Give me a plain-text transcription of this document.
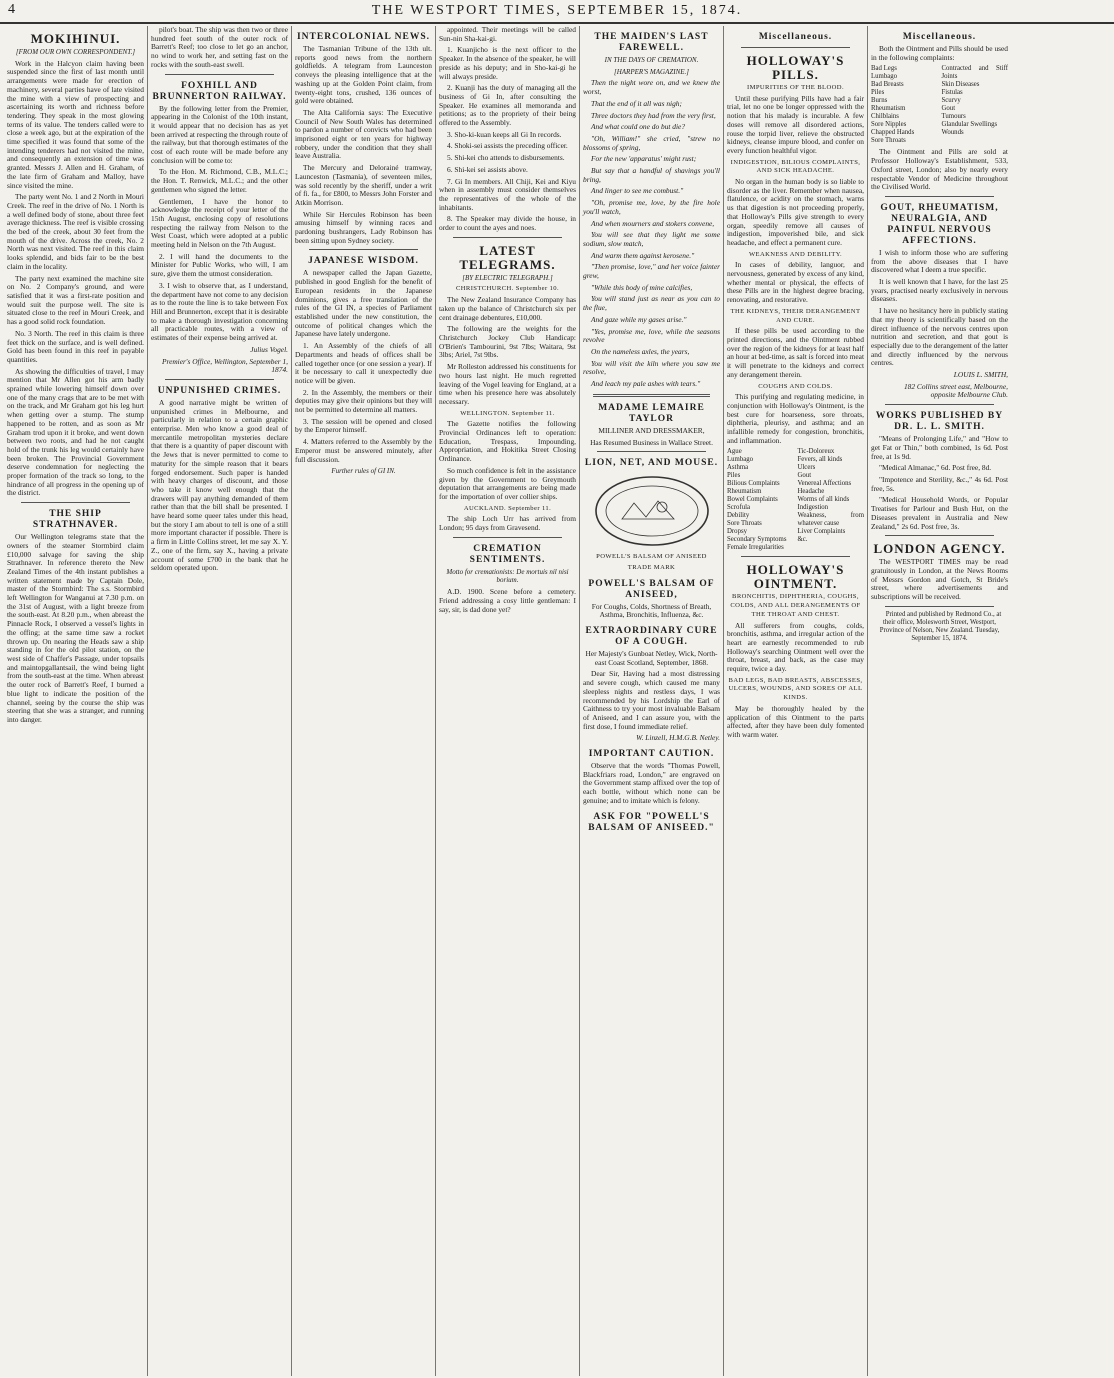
4	THE WESTPORT TIMES, SEPTEMBER 15, 1874.
MOKIHINUI.
[FROM OUR OWN CORRESPONDENT.]

Work in the Halcyon claim having been suspended since the first of last month until arrangements were made for erection of machinery, several parties have of late visited the mine with a view of prospecting and ascertaining its worth and richness before tendering. They speak in the most glowing terms of its value. The tenders called were to close a week ago, but at the expiration of the time specified it was found that some of the intending tenderers had not visited the mine, and consequently an extension of time was granted. Messrs J. Allen and H. Graham, of the late firm of Graham and Malloy, have since visited the mine.

The party went No. 1 and 2 North in Mouri Creek. The reef in the drive of No. 1 North is a well defined body of stone, about three feet average thickness. The reef is visible crossing the bed of the creek, about 30 feet from the mouth of the drive. Across the creek, No. 2 North was next visited. The reef in this claim looks splendid, and bids fair to be the best claim in the locality.

The party next examined the machine site on No. 2 Company's ground, and were satisfied that it was a first-rate position and would suit the purpose well. The site is situated close to the reef in Mouri Creek, and has a good solid rock foundation.

No. 3 North. The reef in this claim is three feet thick on the surface, and is well defined. Gold has been found in this reef in payable quantities.

As showing the difficulties of travel, I may mention that Mr Allen got his arm badly sprained while lowering himself down over one of the many crags that are to be met with on the track, and Mr Graham got his leg hurt when getting over a stump. The stump happened to be rotten, and as soon as Mr Graham trod upon it it broke, and went down between two roots, and had he not caught hold of the trunk his leg would certainly have been broken. The Provincial Government deserve condemnation for neglecting the proper formation of the track so long, to the hindrance of all progress in the opening up of the district.

THE SHIP STRATHNAVER.

Our Wellington telegrams state that the owners of the steamer Stormbird claim £10,000 salvage for saving the ship Strathnaver. In reference thereto the New Zealand Times of the 4th instant publishes a written statement made by Captain Dole, master of the Stormbird: The s.s. Stormbird left Wellington for Wanganui at 7.30 p.m. on the 31st of August, with a light breeze from the south-east. At 8.20 p.m., when abreast the Pinnacle Rock, I observed a vessel's lights in the offing; at the same time saw a rocket thrown up. On nearing the Heads saw a ship standing in for the old pilot station, on the west side of Chaffer's Passage, under topsails and maintopgallantsail, the wind being light from the south-east at the time. When abreast the outer rock of Barrett's Reef, I burned a blue light to indicate the position of the channel, seeing by the course the ship was steering that she was a stranger, and running into danger.

pilot's boat. The ship was then two or three hundred feet south of the outer rock of Barrett's Reef; too close to let go an anchor, no wind to work her, and setting fast on the rocks with the south-east swell.

FOXHILL AND BRUNNERTON RAILWAY.

By the following letter from the Premier, appearing in the Colonist of the 10th instant, it would appear that no decision has as yet been arrived at respecting the through route of the railway, but that thorough estimates of the cost of each route will be made before any conclusion will be come to:

To the Hon. M. Richmond, C.B., M.L.C.; the Hon. T. Renwick, M.L.C.; and the other gentlemen who signed the letter.

Gentlemen, I have the honor to acknowledge the receipt of your letter of the 15th August, enclosing copy of resolutions respecting the railway from Nelson to the West Coast, which were adopted at a public meeting held in Nelson on the 7th August.

2. I will hand the documents to the Minister for Public Works, who will, I am sure, give them the utmost consideration.

3. I wish to observe that, as I understand, the department have not come to any decision as to the route the line is to take between Fox Hill and Brunnerton, except that it is desirable to make a thorough investigation concerning all practicable routes, with a view of estimates of their expense being arrived at.

Julius Vogel.

Premier's Office, Wellington, September 1, 1874.

UNPUNISHED CRIMES.

A good narrative might be written of unpunished crimes in Melbourne, and particularly in relation to a certain graphic enterprise. Men who know a good deal of mercantile metropolitan mysteries declare that there is a quantity of paper discount with the Jews that is never permitted to come to maturity for the simple reason that it bears forged endorsement. Such paper is handed with heavy charges of discount, and those who take it know well enough that the drawers will pay anything demanded of them rather than that the bill shall be presented. I have heard some queer tales under this head, but the story I am about to tell is one of a still more important character if possible. There is a firm in Little Collins street, let me say X. Y. Z., one of the firm, say X., having a private account of some £700 in the bank that he seldom operated upon.

INTERCOLONIAL NEWS.

The Tasmanian Tribune of the 13th ult. reports good news from the northern goldfields. A telegram from Launceston conveys the pleasing intelligence that at the washing up at the Golden Point claim, from twenty-eight tons, crushed, 136 ounces of gold were obtained.

The Alta California says: The Executive Council of New South Wales has determined to pardon a number of convicts who had been imprisoned eight or ten years for highway robbery, under the condition that they shall leave Australia.

The Mercury and Delorainé tramway, Launceston (Tasmania), of seventeen miles, was sold recently by the sheriff, under a writ of fi. fa., for £800, to Messrs John Forster and Atkin Morrison.

While Sir Hercules Robinson has been amusing himself by winning races and pardoning bushrangers, Lady Robinson has been sitting upon Sydney society.

JAPANESE WISDOM.

A newspaper called the Japan Gazette, published in good English for the benefit of European residents in the Japanese dominions, gives a free translation of the rules of the GI IN, a species of Parliament established under the new constitution, the outcome of political changes which the Japanese have lately undergone.

1. An Assembly of the chiefs of all Departments and heads of offices shall be called together once (or one session a year). If it be necessary to call it unexpectedly due notice will be given.

2. In the Assembly, the members or their deputies may give their opinions but they will not be permitted to determine all matters.

3. The session will be opened and closed by the Emperor himself.

4. Matters referred to the Assembly by the Emperor must be answered minutely, after full discussion.

Further rules of GI IN.

appointed. Their meetings will be called Sun-nin Sha-kai-gi.

1. Kuanjicho is the next officer to the Speaker. In the absence of the speaker, he will preside as his deputy; and in Sho-kai-gi he will always preside.

2. Kuanji has the duty of managing all the business of Gi In, after consulting the Speaker. He examines all memoranda and petitions; as to the propriety of their being offered to the Assembly.

3. Sho-ki-kuan keeps all Gi In records.

4. Shoki-sei assists the preceding officer.

5. Shi-kei cho attends to disbursements.

6. Shi-kei sei assists above.

7. Gi In members. All Chiji, Kei and Kiyu when in assembly must consider themselves the representatives of the whole of the inhabitants.

8. The Speaker may divide the house, in order to count the ayes and noes.

LATEST TELEGRAMS.
[BY ELECTRIC TELEGRAPH.]
CHRISTCHURCH. September 10.

The New Zealand Insurance Company has taken up the balance of Christchurch six per cent drainage debentures, £10,000.

The following are the weights for the Christchurch Jockey Club Handicap: O'Brien's Tambourini, 9st 7lbs; Waitara, 9st 3lbs; Ariel, 7st 9lbs.

Mr Rolleston addressed his constituents for two hours last night. He much regretted leaving of the Vogel leaving for England, at a time when his presence here was absolutely necessary.

WELLINGTON. September 11.

The Gazette notifies the following Provincial Ordinances left to operation: Education, Trespass, Impounding, Appropriation, and Hokitika Street Closing Ordinance.

So much confidence is felt in the assistance given by the Government to Greymouth deputation that arrangements are being made for the importation of over collier ships.

AUCKLAND. September 11.

The ship Loch Urr has arrived from London; 95 days from Gravesend.

CREMATION SENTIMENTS.
Motto for cremationists: De mortuis nil nisi borium.

A.D. 1900. Scene before a cemetery. Friend addressing a cosy little gentleman: I say, sir, is dad done yet?

THE MAIDEN'S LAST FAREWELL.
IN THE DAYS OF CREMATION.
[HARPER'S MAGAZINE.]

Then the night wore on, and we knew the worst,

That the end of it all was nigh;

Three doctors they had from the very first,

And what could one do but die?

"Oh, William!" she cried, "strew no blossoms of spring,

For the new 'apparatus' might rust;

But say that a handful of shavings you'll bring,

And linger to see me combust."

"Oh, promise me, love, by the fire hole you'll watch,

And when mourners and stokers convene,

You will see that they light me some sodium, slow match,

And warm them against kerosene."

"Then promise, love," and her voice fainter grew,

"While this body of mine calcifies,

You will stand just as near as you can to the flue,

And gaze while my gases arise."

"Yes, promise me, love, while the seasons revolve

On the nameless axles, the years,

You will visit the kiln where you saw me resolve,

And leach my pale ashes with tears."

MADAME LEMAIRE TAYLOR

MILLINER AND DRESSMAKER,

Has Resumed Business in Wallace Street.

LION, NET, AND MOUSE.
POWELL'S BALSAM OF ANISEED
TRADE MARK
POWELL'S BALSAM OF ANISEED,

For Coughs, Colds, Shortness of Breath, Asthma, Bronchitis, Influenza, &c.

EXTRAORDINARY CURE OF A COUGH.

Her Majesty's Gunboat Netley, Wick, North-east Coast Scotland, September, 1868.

Dear Sir, Having had a most distressing and severe cough, which caused me many sleepless nights and restless days, I was recommended by his Lordship the Earl of Caithness to try your most invaluable Balsam of Aniseed, and I can assure you, with the first dose, I found immediate relief.

W. Linzell, H.M.G.B. Netley.

IMPORTANT CAUTION.

Observe that the words "Thomas Powell, Blackfriars road, London," are engraved on the Government stamp affixed over the top of each bottle, without which none can be genuine; and to imitate which is felony.

ASK FOR "POWELL'S BALSAM OF ANISEED."
Miscellaneous.
HOLLOWAY'S PILLS.
IMPURITIES OF THE BLOOD.

Until these purifying Pills have had a fair trial, let no one be longer oppressed with the notion that his malady is incurable. A few doses will remove all disordered actions, rouse the torpid liver, relieve the obstructed kidneys, cleanse impure blood, and confer on every function healthful vigor.

INDIGESTION, BILIOUS COMPLAINTS, AND SICK HEADACHE.

No organ in the human body is so liable to disorder as the liver. Remember when nausea, flatulence, or acidity on the stomach, warns us that digestion is not proceeding properly, that Holloway's Pills give strength to every organ, speedily remove all causes of indigestion, impoverished bile, and sick headache, and effect a permanent cure.

WEAKNESS AND DEBILITY.

In cases of debility, languor, and nervousness, generated by excess of any kind, whether mental or physical, the effects of these Pills are in the highest degree bracing, renovating, and restorative.

THE KIDNEYS, THEIR DERANGEMENT AND CURE.

If these pills be used according to the printed directions, and the Ointment rubbed over the region of the kidneys for at least half an hour at bed-time, as salt is forced into meat it will penetrate to the kidneys and correct any derangement therein.

COUGHS AND COLDS.

This purifying and regulating medicine, in conjunction with Holloway's Ointment, is the best cure for hoarseness, sore throats, diphtheria, pleurisy, and asthma; and an infallible remedy for congestion, bronchitis, and inflammation.

Ague
Lumbago
Asthma
Piles
Bilious Complaints
Rheumatism
Bowel Complaints
Scrofula
Debility
Sore Throats
Dropsy
Secondary Symptoms
Female Irregularities
Tic-Doloreux
Fevers, all kinds
Ulcers
Gout
Venereal Affections
Headache
Worms of all kinds
Indigestion
Weakness, from whatever cause
Liver Complaints
&c.
HOLLOWAY'S OINTMENT.
BRONCHITIS, DIPHTHERIA, COUGHS, COLDS, AND ALL DERANGEMENTS OF THE THROAT AND CHEST.

All sufferers from coughs, colds, bronchitis, asthma, and irregular action of the heart are earnestly recommended to rub Holloway's searching Ointment well over the throat, breast, and back, as the case may require, twice a day.

BAD LEGS, BAD BREASTS, ABSCESSES, ULCERS, WOUNDS, AND SORES OF ALL KINDS.

May be thoroughly healed by the application of this Ointment to the parts affected, after they have been duly fomented with warm water.

Miscellaneous.

Both the Ointment and Pills should be used in the following complaints:

Bad Legs
Lumbago
Bad Breasts
Piles
Burns
Rheumatism
Chilblains
Sore Nipples
Chapped Hands
Sore Throats
Contracted and Stiff Joints
Skin Diseases
Fistulas
Scurvy
Gout
Tumours
Glandular Swellings
Wounds

The Ointment and Pills are sold at Professor Holloway's Establishment, 533, Oxford street, London; also by nearly every respectable Vendor of Medicine throughout the Civilised World.

GOUT, RHEUMATISM, NEURALGIA, AND PAINFUL NERVOUS AFFECTIONS.

I wish to inform those who are suffering from the above diseases that I have discovered what I deem a true specific.

It is well known that I have, for the last 25 years, practised nearly exclusively in nervous diseases.

I have no hesitancy here in publicly stating that my theory is scientifically based on the direct influence of the nervous centres upon nutrition and secretion, and that gout is especially due to the derangement of the latter and directly influenced by the nervous centres.

LOUIS L. SMITH,

182 Collins street east, Melbourne, opposite Melbourne Club.

WORKS PUBLISHED BY DR. L. L. SMITH.

"Means of Prolonging Life," and "How to get Fat or Thin," both combined, 1s 6d. Post free, at 1s 9d.

"Medical Almanac," 6d. Post free, 8d.

"Impotence and Sterility, &c.," 4s 6d. Post free, 5s.

"Medical Household Words, or Popular Treatises for Parlour and Bush Hut, on the Diseases prevalent in Australia and New Zealand," 2s 6d. Post free, 3s.

LONDON AGENCY.

The WESTPORT TIMES may be read gratuitously in London, at the News Rooms of Messrs Gordon and Gotch, St Bride's street, where advertisements and subscriptions will be received.

Printed and published by Redmond Co., at their office, Molesworth Street, Westport, Province of Nelson, New Zealand. Tuesday, September 15, 1874.
